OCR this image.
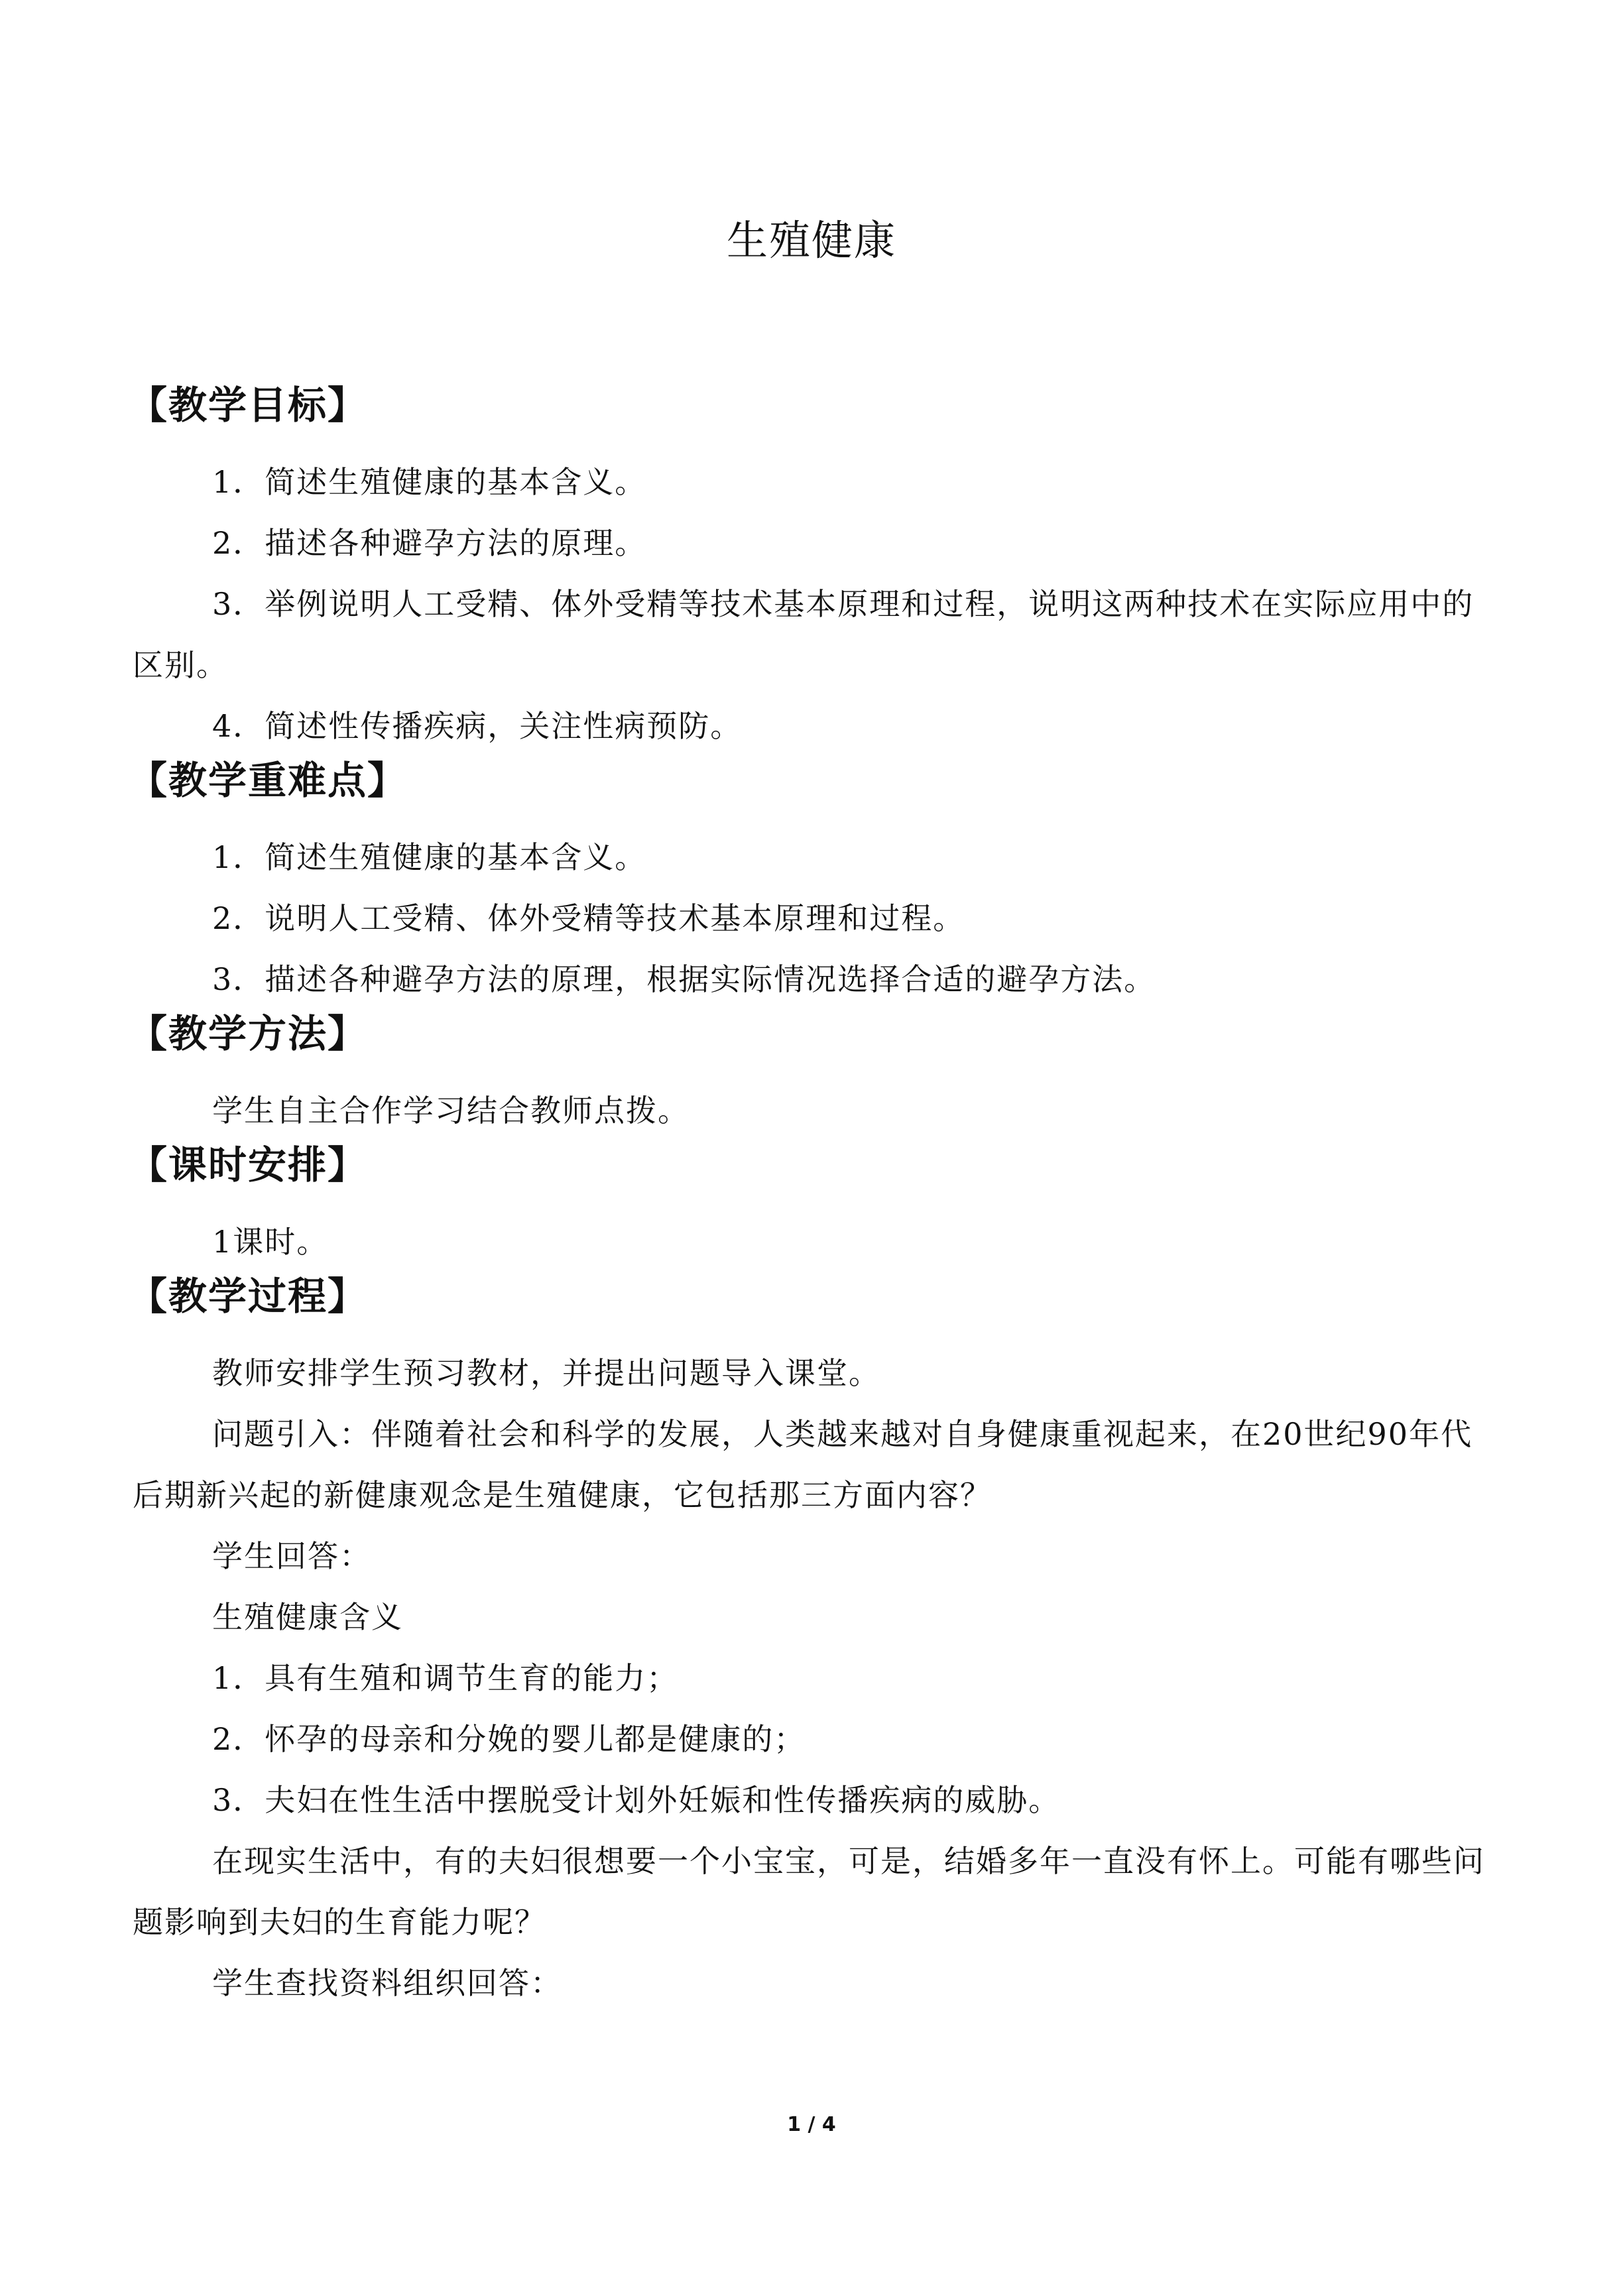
生殖健康
【教学目标】

1．简述生殖健康的基本含义。

2．描述各种避孕方法的原理。

3．举例说明人工受精、体外受精等技术基本原理和过程，说明这两种技术在实际应用中的区别。

4．简述性传播疾病，关注性病预防。

【教学重难点】

1．简述生殖健康的基本含义。

2．说明人工受精、体外受精等技术基本原理和过程。

3．描述各种避孕方法的原理，根据实际情况选择合适的避孕方法。

【教学方法】

学生自主合作学习结合教师点拨。

【课时安排】

1课时。

【教学过程】

教师安排学生预习教材，并提出问题导入课堂。

问题引入：伴随着社会和科学的发展，人类越来越对自身健康重视起来，在20世纪90年代后期新兴起的新健康观念是生殖健康，它包括那三方面内容？

学生回答：

生殖健康含义

1．具有生殖和调节生育的能力；

2．怀孕的母亲和分娩的婴儿都是健康的；

3．夫妇在性生活中摆脱受计划外妊娠和性传播疾病的威胁。

在现实生活中，有的夫妇很想要一个小宝宝，可是，结婚多年一直没有怀上。可能有哪些问题影响到夫妇的生育能力呢？

学生查找资料组织回答：

1 / 4
